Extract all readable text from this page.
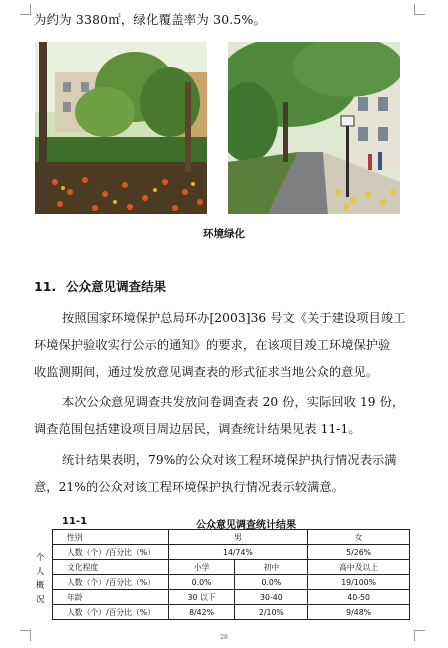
为约为 3380㎡，绿化覆盖率为 30.5%。
环境绿化
11. 公众意见调查结果
按照国家环境保护总局环办[2003]36 号文《关于建设项目竣工
环境保护验收实行公示的通知》的要求，在该项目竣工环境保护验
收监测期间，通过发放意见调查表的形式征求当地公众的意见。
本次公众意见调查共发放问卷调查表 20 份，实际回收 19 份，
调查范围包括建设项目周边居民，调查统计结果见表 11-1。
统计结果表明，79%的公众对该工程环境保护执行情况表示满
意，21%的公众对该工程环境保护执行情况表示较满意。
11-1	公众意见调查统计结果
个
人
概
况
性别	男		女
人数（个）/百分比（%）	14/74%		5/26%
文化程度	小学	初中	高中及以上
人数（个）/百分比（%）	0.0%	0.0%	19/100%
年龄	30 以下	30-40	40-50
人数（个）/百分比（%）	8/42%	2/10%	9/48%
28
